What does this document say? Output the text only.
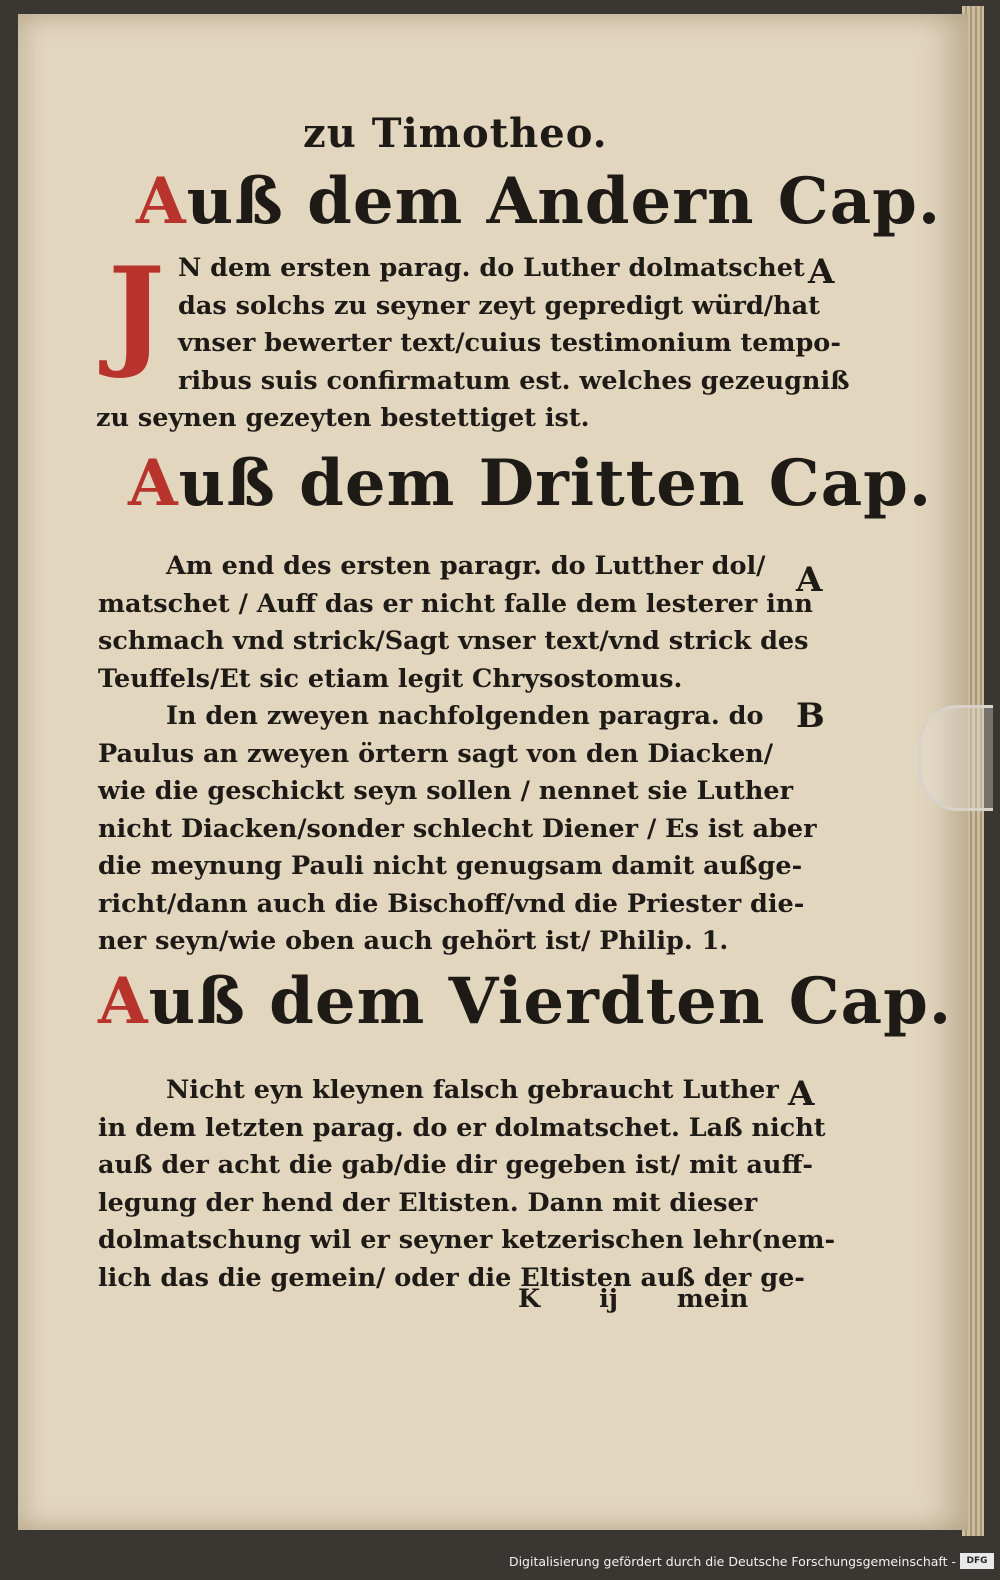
zu Timotheo.
Auß dem Andern Cap.
J N dem ersten parag. do Luther dolmatschet
das solchs zu seyner zeyt gepredigt würd/hat
vnser bewerter text/cuius testimonium tempo-
ribus suis confirmatum est. welches gezeugniß
zu seynen gezeyten bestettiget ist.
A
Auß dem Dritten Cap.
Am end des ersten paragr. do Lutther dol/
matschet / Auff das er nicht falle dem lesterer inn
schmach vnd strick/Sagt vnser text/vnd strick des
Teuffels/Et sic etiam legit Chrysostomus.
In den zweyen nachfolgenden paragra. do
Paulus an zweyen örtern sagt von den Diacken/
wie die geschickt seyn sollen / nennet sie Luther
nicht Diacken/sonder schlecht Diener / Es ist aber
die meynung Pauli nicht genugsam damit außge-
richt/dann auch die Bischoff/vnd die Priester die-
ner seyn/wie oben auch gehört ist/ Philip. 1.
A
B
Auß dem Vierdten Cap.
Nicht eyn kleynen falsch gebraucht Luther
in dem letzten parag. do er dolmatschet. Laß nicht
auß der acht die gab/die dir gegeben ist/ mit auff-
legung der hend der Eltisten. Dann mit dieser
dolmatschung wil er seyner ketzerischen lehr(nem-
lich das die gemein/ oder die Eltisten auß der ge-
A
K ij mein
Digitalisierung gefördert durch die Deutsche Forschungsgemeinschaft -	DFG
